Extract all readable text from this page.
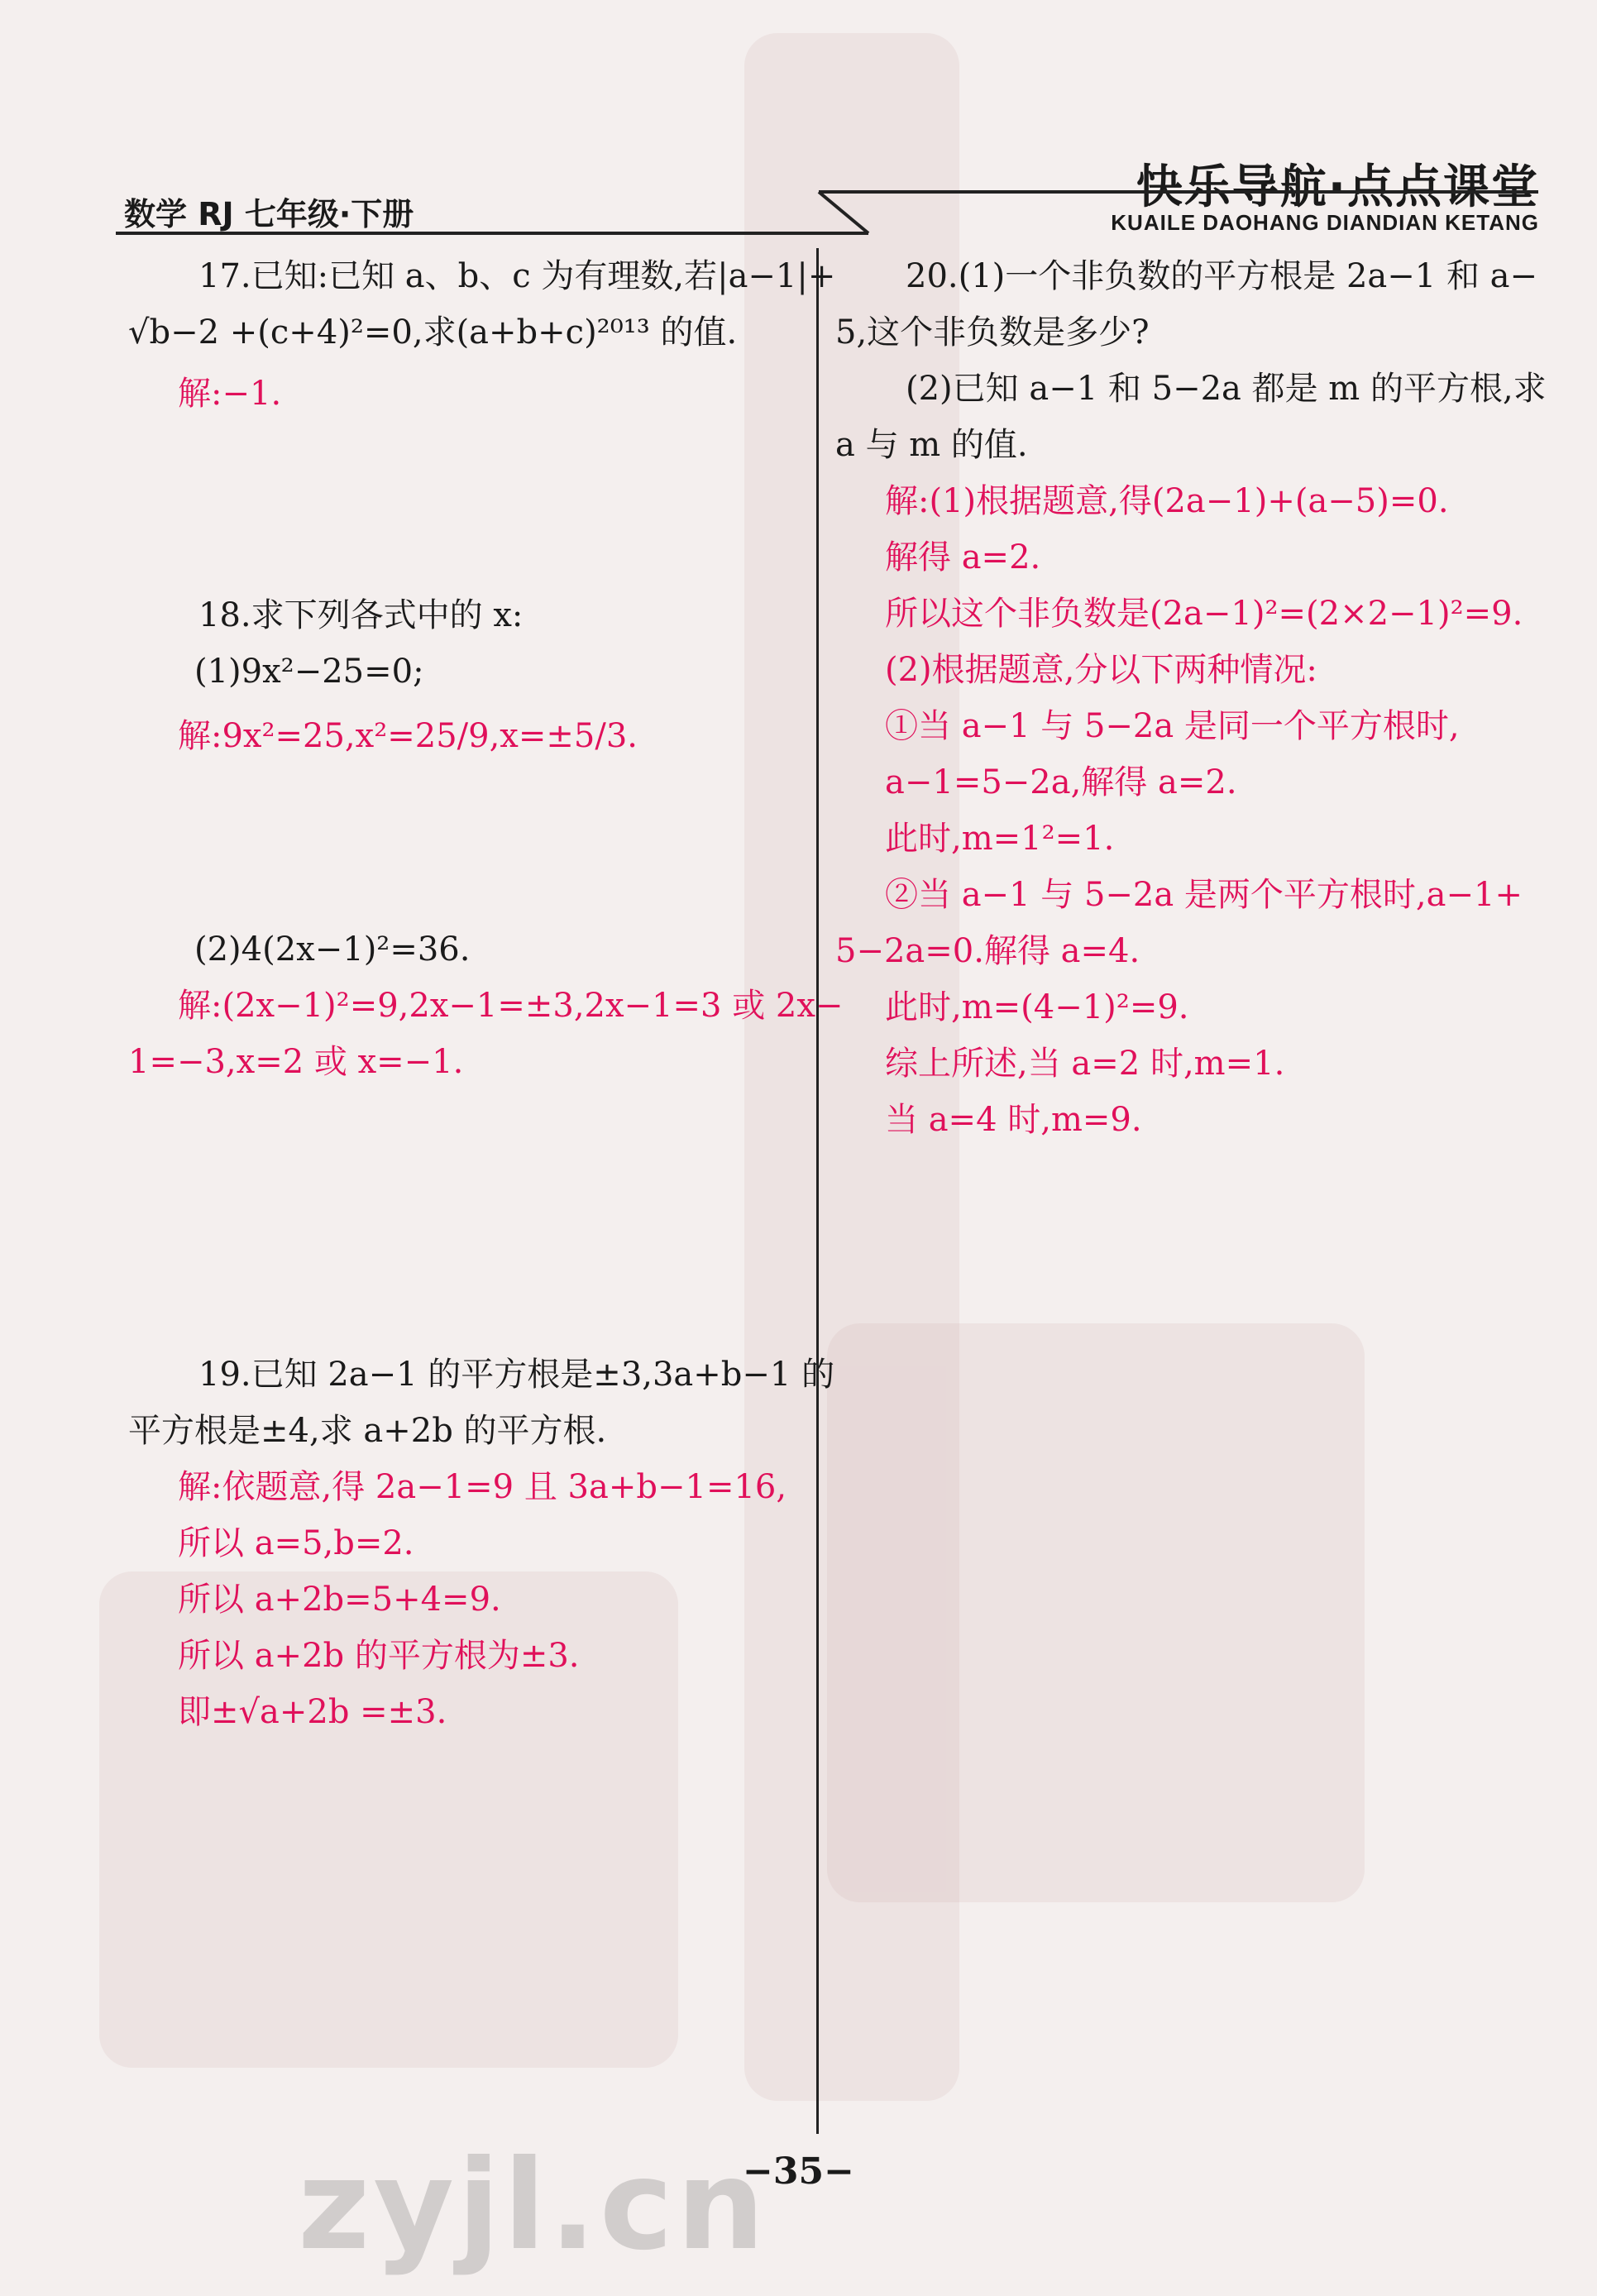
数学 RJ 七年级·下册	快乐导航·点点课堂
KUAILE DAOHANG DIANDIAN KETANG

17.已知:已知 a、b、c 为有理数,若|a−1|+

√b−2 +(c+4)²=0,求(a+b+c)²⁰¹³ 的值.

解:−1.

18.求下列各式中的 x:

(1)9x²−25=0;

解:9x²=25,x²=25/9,x=±5/3.

(2)4(2x−1)²=36.

解:(2x−1)²=9,2x−1=±3,2x−1=3 或 2x−

1=−3,x=2 或 x=−1.

19.已知 2a−1 的平方根是±3,3a+b−1 的

平方根是±4,求 a+2b 的平方根.

解:依题意,得 2a−1=9 且 3a+b−1=16,

所以 a=5,b=2.

所以 a+2b=5+4=9.

所以 a+2b 的平方根为±3.

即±√a+2b =±3.

20.(1)一个非负数的平方根是 2a−1 和 a−

5,这个非负数是多少?

(2)已知 a−1 和 5−2a 都是 m 的平方根,求

a 与 m 的值.

解:(1)根据题意,得(2a−1)+(a−5)=0.

解得 a=2.

所以这个非负数是(2a−1)²=(2×2−1)²=9.

(2)根据题意,分以下两种情况:

①当 a−1 与 5−2a 是同一个平方根时,

a−1=5−2a,解得 a=2.

此时,m=1²=1.

②当 a−1 与 5−2a 是两个平方根时,a−1+

5−2a=0.解得 a=4.

此时,m=(4−1)²=9.

综上所述,当 a=2 时,m=1.

当 a=4 时,m=9.

−35−
zyjl.cn
